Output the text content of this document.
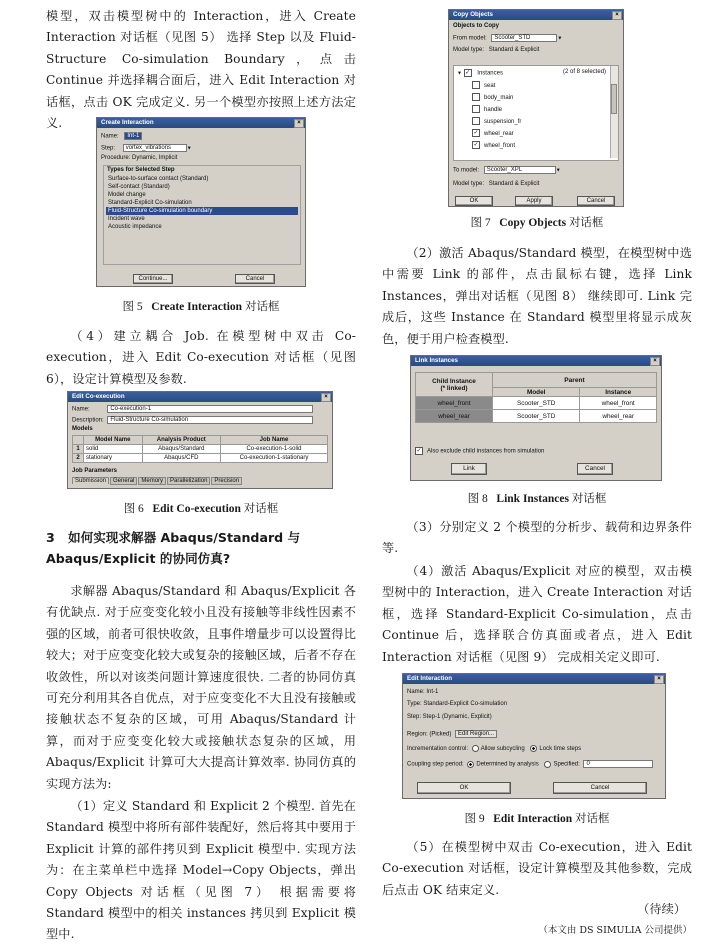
模型，双击模型树中的 Interaction，进入 Create Interaction 对话框（见图 5） 选择 Step 以及 Fluid-Structure Co-simulation Boundary，点击 Continue 并选择耦合面后，进入 Edit Interaction 对话框，点击 OK 完成定义. 另一个模型亦按照上述方法定义.	Create Interaction	×
Name: Int-1
Step: vortex_vibrations	▼
Procedure: Dynamic, Implicit
Types for Selected Step
Surface-to-surface contact (Standard)
Self-contact (Standard)
Model change
Standard-Explicit Co-simulation
Fluid-Structure Co-simulation boundary
Incident wave
Acoustic impedance
Continue...	Cancel
图 5 Create Interaction 对话框

（4）建立耦合 Job. 在模型树中双击 Co-execution，进入 Edit Co-execution 对话框（见图 6），设定计算模型及参数.

Edit Co-execution	×
Name:	Co-execution-1
Description: Fluid-Structure Co-simulation
Models
	Model Name	Analysis Product	Job Name
1	solid	Abaqus/Standard	Co-execution-1-solid
2	stationary	Abaqus/CFD	Co-execution-1-stationary
Job Parameters
Submission General Memory Parallelization Precision
图 6 Edit Co-execution 对话框
3 如何实现求解器 Abaqus/Standard 与 Abaqus/Explicit 的协同仿真?

求解器 Abaqus/Standard 和 Abaqus/Explicit 各有优缺点. 对于应变变化较小且没有接触等非线性因素不强的区域，前者可很快收敛，且事件增量步可以设置得比较大；对于应变变化较大或复杂的接触区域，后者不存在收敛性，所以对该类问题计算速度很快. 二者的协同仿真可充分利用其各自优点，对于应变变化不大且没有接触或接触状态不复杂的区域，可用 Abaqus/Standard 计算，而对于应变变化较大或接触状态复杂的区域，用 Abaqus/Explicit 计算可大大提高计算效率. 协同仿真的实现方法为:

（1）定义 Standard 和 Explicit 2 个模型. 首先在 Standard 模型中将所有部件装配好，然后将其中要用于 Explicit 计算的部件拷贝到 Explicit 模型中. 实现方法为：在主菜单栏中选择 Model→Copy Objects，弹出 Copy Objects 对话框（见图 7） 根据需要将 Standard 模型中的相关 instances 拷贝到 Explicit 模型中.

Copy Objects	×
Objects to Copy
From model: Scooter_STD	▼
Model type: Standard & Explicit
▼ ✓ Instances	(2 of 8 selected)
seat
body_main
handle
suspension_fr
✓ wheel_rear
✓ wheel_front
To model: Scooter_XPL	▼
Model type: Standard & Explicit
OK	Apply	Cancel
图 7 Copy Objects 对话框

（2）激活 Abaqus/Standard 模型，在模型树中选中需要 Link 的部件，点击鼠标右键，选择 Link Instances，弹出对话框（见图 8） 继续即可. Link 完成后，这些 Instance 在 Standard 模型里将显示成灰色，便于用户检查模型.

Link Instances	×
Child Instance
(* linked)	Parent	
	Model	Instance
wheel_front	Scooter_STD	wheel_front
wheel_rear	Scooter_STD	wheel_rear
✓ Also exclude child instances from simulation
Link	Cancel
图 8 Link Instances 对话框

（3）分别定义 2 个模型的分析步、载荷和边界条件等.

（4）激活 Abaqus/Explicit 对应的模型，双击模型树中的 Interaction，进入 Create Interaction 对话框，选择 Standard-Explicit Co-simulation，点击 Continue 后，选择联合仿真面或者点，进入 Edit Interaction 对话框（见图 9） 完成相关定义即可.

Edit Interaction	×
Name: Int-1
Type: Standard-Explicit Co-simulation
Step: Step-1 (Dynamic, Explicit)
Region: (Picked) Edit Region...
Incrementation control: Allow subcycling Lock time steps
Coupling step period: Determined by analysis Specified: 0
OK	Cancel
图 9 Edit Interaction 对话框

（5）在模型树中双击 Co-execution，进入 Edit Co-execution 对话框，设定计算模型及其他参数，完成后点击 OK 结束定义.

（待续）
（本文由 DS SIMULIA 公司提供）
